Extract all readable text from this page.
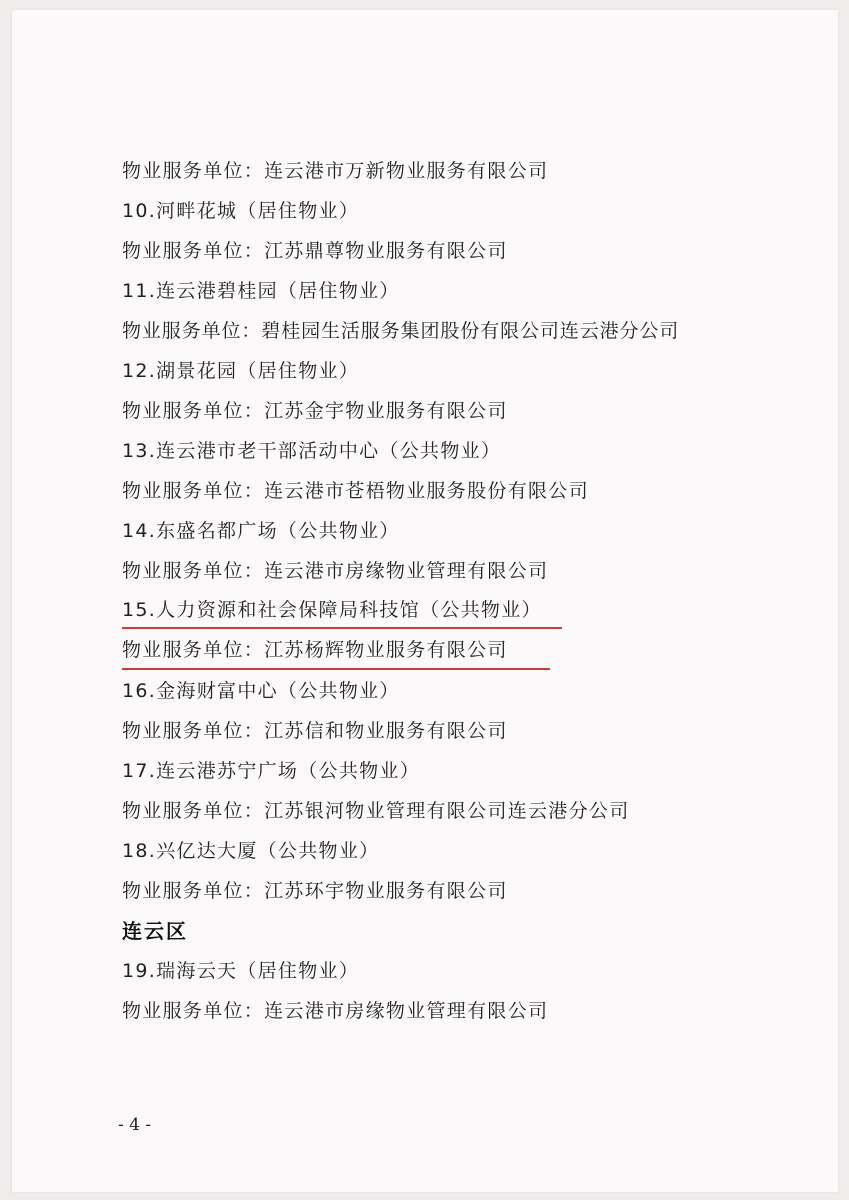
物业服务单位：连云港市万新物业服务有限公司
10.河畔花城（居住物业）
物业服务单位：江苏鼎尊物业服务有限公司
11.连云港碧桂园（居住物业）
物业服务单位：碧桂园生活服务集团股份有限公司连云港分公司
12.湖景花园（居住物业）
物业服务单位：江苏金宇物业服务有限公司
13.连云港市老干部活动中心（公共物业）
物业服务单位：连云港市苍梧物业服务股份有限公司
14.东盛名都广场（公共物业）
物业服务单位：连云港市房缘物业管理有限公司
15.人力资源和社会保障局科技馆（公共物业）
物业服务单位：江苏杨辉物业服务有限公司
16.金海财富中心（公共物业）
物业服务单位：江苏信和物业服务有限公司
17.连云港苏宁广场（公共物业）
物业服务单位：江苏银河物业管理有限公司连云港分公司
18.兴亿达大厦（公共物业）
物业服务单位：江苏环宇物业服务有限公司
连云区
19.瑞海云天（居住物业）
物业服务单位：连云港市房缘物业管理有限公司
- 4 -
